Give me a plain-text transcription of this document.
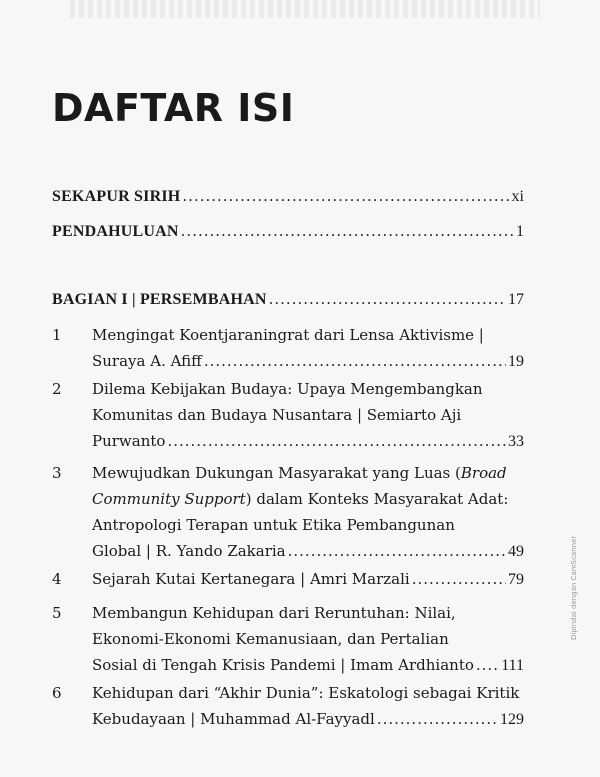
DAFTAR ISI
SEKAPUR SIRIH .....	xi
PENDAHULUAN .....	1
BAGIAN I | PERSEMBAHAN .....	17
1 Mengingat Koentjaraningrat dari Lensa Aktivisme |
Suraya A. Afiff .....	19
2 Dilema Kebijakan Budaya: Upaya Mengembangkan
Komunitas dan Budaya Nusantara | Semiarto Aji
Purwanto .....	33
3 Mewujudkan Dukungan Masyarakat yang Luas (Broad
Community Support) dalam Konteks Masyarakat Adat:
Antropologi Terapan untuk Etika Pembangunan
Global | R. Yando Zakaria .....	49
4 Sejarah Kutai Kertanegara | Amri Marzali .....	79
5 Membangun Kehidupan dari Reruntuhan: Nilai,
Ekonomi-Ekonomi Kemanusiaan, dan Pertalian
Sosial di Tengah Krisis Pandemi | Imam Ardhianto ..... 111
6 Kehidupan dari “Akhir Dunia”: Eskatologi sebagai Kritik
Kebudayaan | Muhammad Al-Fayyadl .....	129
Dipindai dengan CamScanner
